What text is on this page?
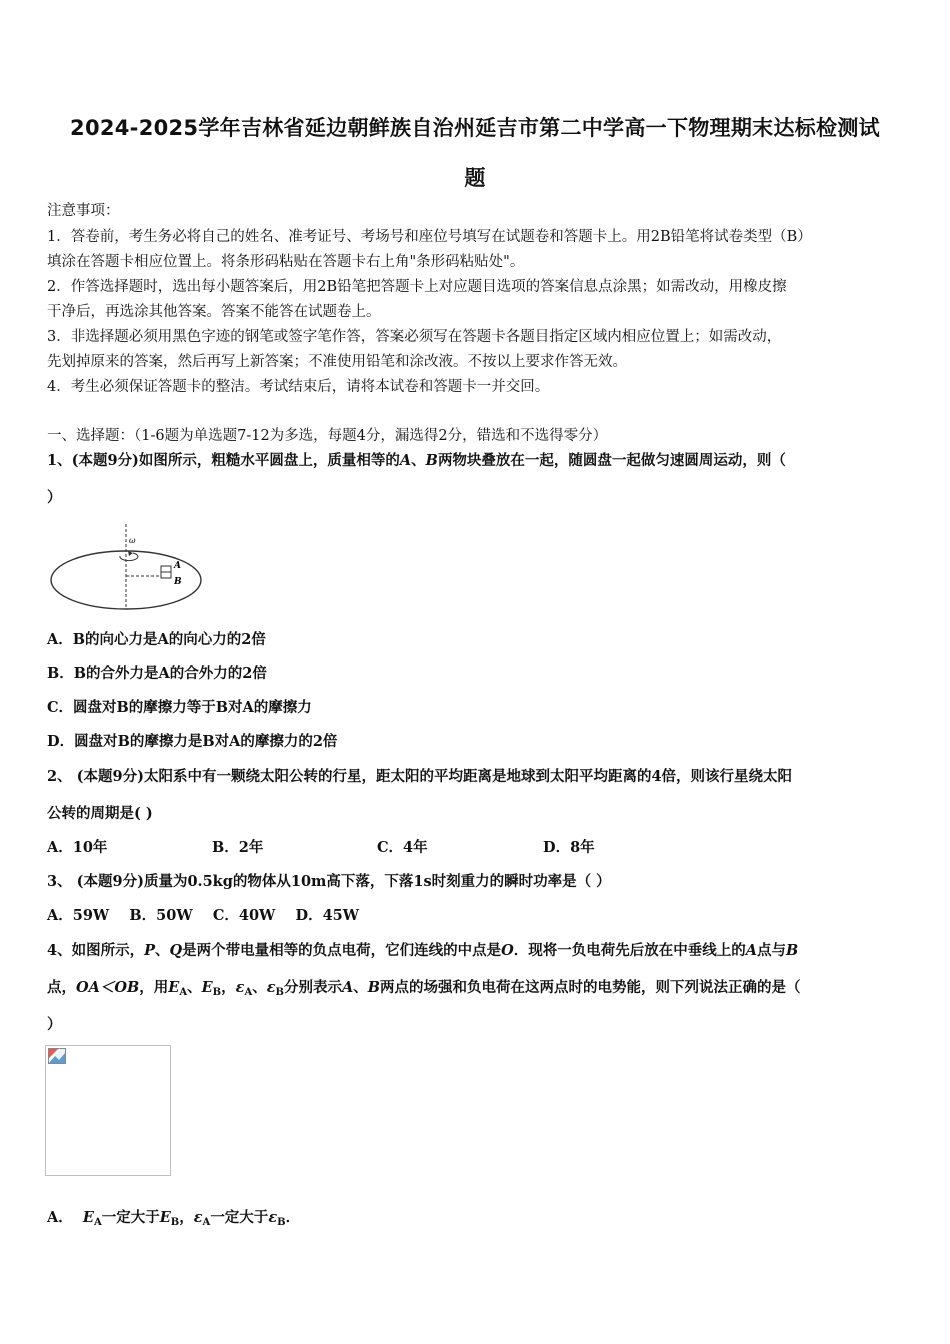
2024-2025学年吉林省延边朝鲜族自治州延吉市第二中学高一下物理期末达标检测试
题
注意事项：
1．答卷前，考生务必将自己的姓名、准考证号、考场号和座位号填写在试题卷和答题卡上。用2B铅笔将试卷类型（B）
填涂在答题卡相应位置上。将条形码粘贴在答题卡右上角"条形码粘贴处"。
2．作答选择题时，选出每小题答案后，用2B铅笔把答题卡上对应题目选项的答案信息点涂黑；如需改动，用橡皮擦
干净后，再选涂其他答案。答案不能答在试题卷上。
3．非选择题必须用黑色字迹的钢笔或签字笔作答，答案必须写在答题卡各题目指定区域内相应位置上；如需改动，
先划掉原来的答案，然后再写上新答案；不准使用铅笔和涂改液。不按以上要求作答无效。
4．考生必须保证答题卡的整洁。考试结束后，请将本试卷和答题卡一并交回。
一、选择题：（1-6题为单选题7-12为多选，每题4分，漏选得2分，错选和不选得零分）
1、(本题9分)如图所示，粗糙水平圆盘上，质量相等的A、B两物块叠放在一起，随圆盘一起做匀速圆周运动，则（
）
ω
A
B
A．B的向心力是A的向心力的2倍
B．B的合外力是A的合外力的2倍
C．圆盘对B的摩擦力等于B对A的摩擦力
D．圆盘对B的摩擦力是B对A的摩擦力的2倍
2、 (本题9分)太阳系中有一颗绕太阳公转的行星，距太阳的平均距离是地球到太阳平均距离的4倍，则该行星绕太阳
公转的周期是( )
A．10年	B．2年	C．4年	D．8年
3、 (本题9分)质量为0.5kg的物体从10m高下落，下落1s时刻重力的瞬时功率是（ ）
A．59W    B．50W    C．40W    D．45W
4、如图所示，P、Q是两个带电量相等的负点电荷，它们连线的中点是O．现将一负电荷先后放在中垂线上的A点与B
点，OA＜OB，用$E_A$、$E_B$，$\varepsilon_A$、$\varepsilon_B$分别表示A、B两点的场强和负电荷在这两点时的电势能，则下列说法正确的是（
）
A． $E_A$一定大于$E_B$，$\varepsilon_A$一定大于$\varepsilon_B$．
